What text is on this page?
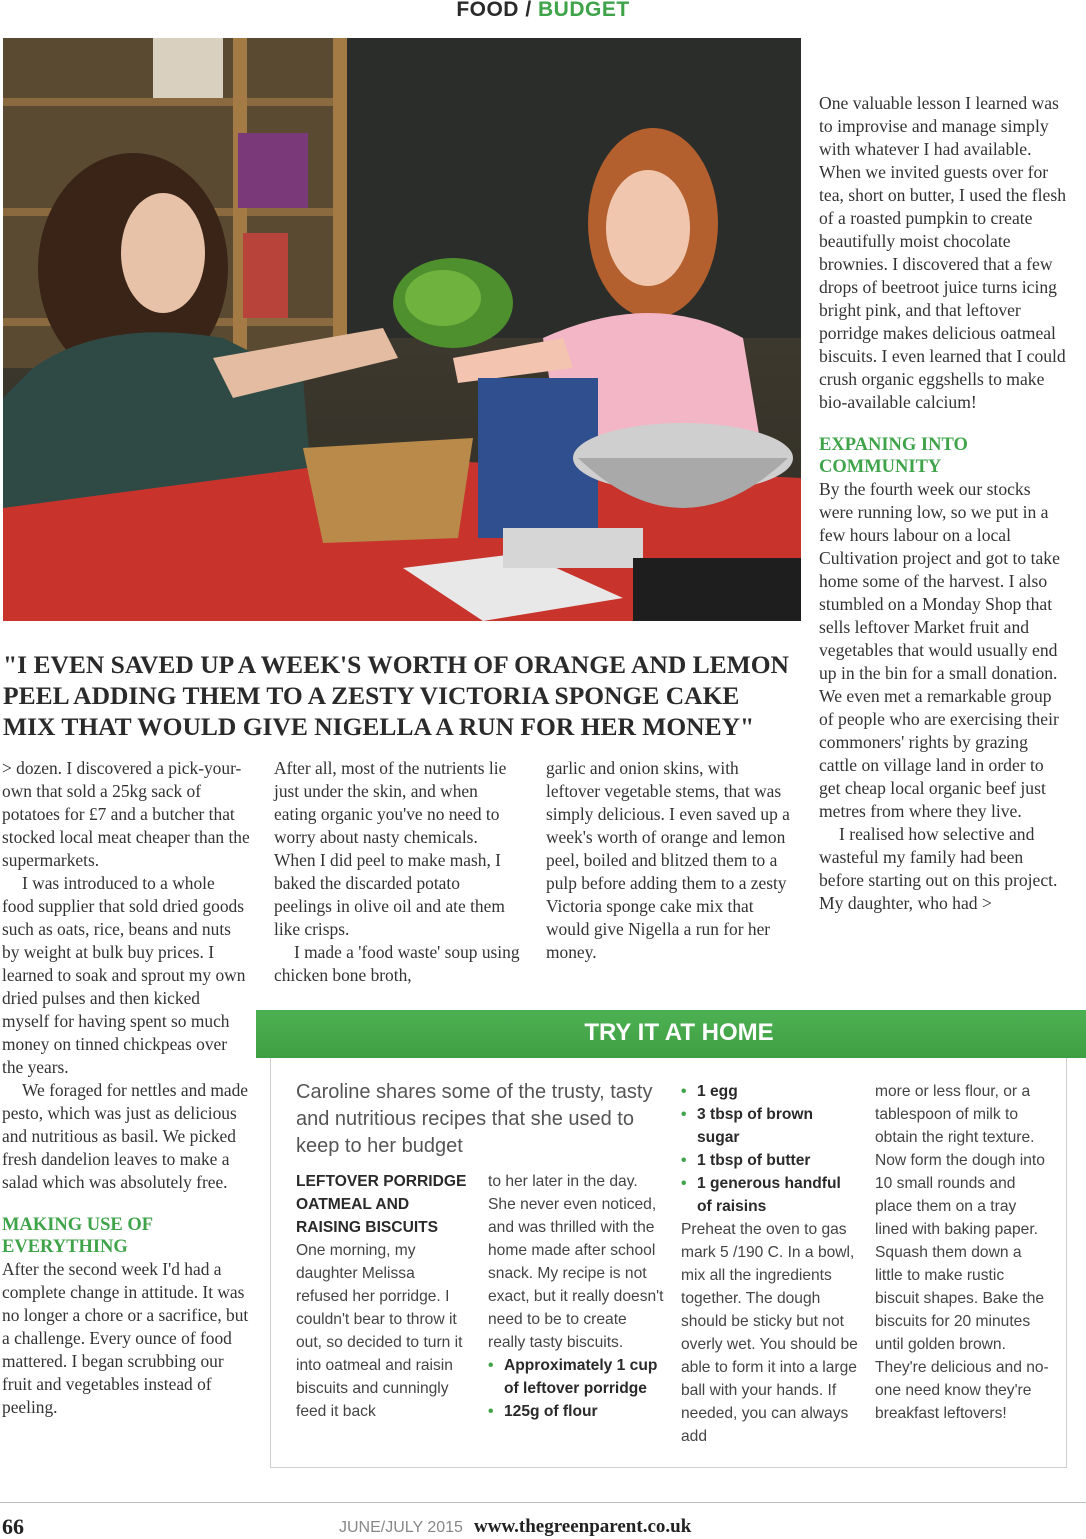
FOOD / BUDGET

One valuable lesson I learned was to improvise and manage simply with whatever I had available. When we invited guests over for tea, short on butter, I used the flesh of a roasted pumpkin to create beautifully moist chocolate brownies. I discovered that a few drops of beetroot juice turns icing bright pink, and that leftover porridge makes delicious oatmeal biscuits. I even learned that I could crush organic eggshells to make bio-available calcium!

EXPANING INTO COMMUNITY

By the fourth week our stocks were running low, so we put in a few hours labour on a local Cultivation project and got to take home some of the harvest. I also stumbled on a Monday Shop that sells leftover Market fruit and vegetables that would usually end up in the bin for a small donation. We even met a remarkable group of people who are exercising their commoners' rights by grazing cattle on village land in order to get cheap local organic beef just metres from where they live.

I realised how selective and wasteful my family had been before starting out on this project. My daughter, who had >

"I EVEN SAVED UP A WEEK'S WORTH OF ORANGE AND LEMON PEEL ADDING THEM TO A ZESTY VICTORIA SPONGE CAKE MIX THAT WOULD GIVE NIGELLA A RUN FOR HER MONEY"

> dozen. I discovered a pick-your-own that sold a 25kg sack of potatoes for £7 and a butcher that stocked local meat cheaper than the supermarkets.

I was introduced to a whole food supplier that sold dried goods such as oats, rice, beans and nuts by weight at bulk buy prices. I learned to soak and sprout my own dried pulses and then kicked myself for having spent so much money on tinned chickpeas over the years.

We foraged for nettles and made pesto, which was just as delicious and nutritious as basil. We picked fresh dandelion leaves to make a salad which was absolutely free.

MAKING USE OF EVERYTHING

After the second week I'd had a complete change in attitude. It was no longer a chore or a sacrifice, but a challenge. Every ounce of food mattered. I began scrubbing our fruit and vegetables instead of peeling.

After all, most of the nutrients lie just under the skin, and when eating organic you've no need to worry about nasty chemicals. When I did peel to make mash, I baked the discarded potato peelings in olive oil and ate them like crisps.

I made a 'food waste' soup using chicken bone broth,

garlic and onion skins, with leftover vegetable stems, that was simply delicious. I even saved up a week's worth of orange and lemon peel, boiled and blitzed them to a pulp before adding them to a zesty Victoria sponge cake mix that would give Nigella a run for her money.

TRY IT AT HOME
Caroline shares some of the trusty, tasty and nutritious recipes that she used to keep to her budget

LEFTOVER PORRIDGE OATMEAL AND RAISING BISCUITS

One morning, my daughter Melissa refused her porridge. I couldn't bear to throw it out, so decided to turn it into oatmeal and raisin biscuits and cunningly feed it back

to her later in the day. She never even noticed, and was thrilled with the home made after school snack. My recipe is not exact, but it really doesn't need to be to create really tasty biscuits.

• Approximately 1 cup of leftover porridge

• 125g of flour

• 1 egg

• 3 tbsp of brown sugar

• 1 tbsp of butter

• 1 generous handful of raisins

Preheat the oven to gas mark 5 /190 C. In a bowl, mix all the ingredients together. The dough should be sticky but not overly wet. You should be able to form it into a large ball with your hands. If needed, you can always add

more or less flour, or a tablespoon of milk to obtain the right texture. Now form the dough into 10 small rounds and place them on a tray lined with baking paper. Squash them down a little to make rustic biscuit shapes. Bake the biscuits for 20 minutes until golden brown. They're delicious and no-one need know they're breakfast leftovers!

66	JUNE/JULY 2015 www.thegreenparent.co.uk
